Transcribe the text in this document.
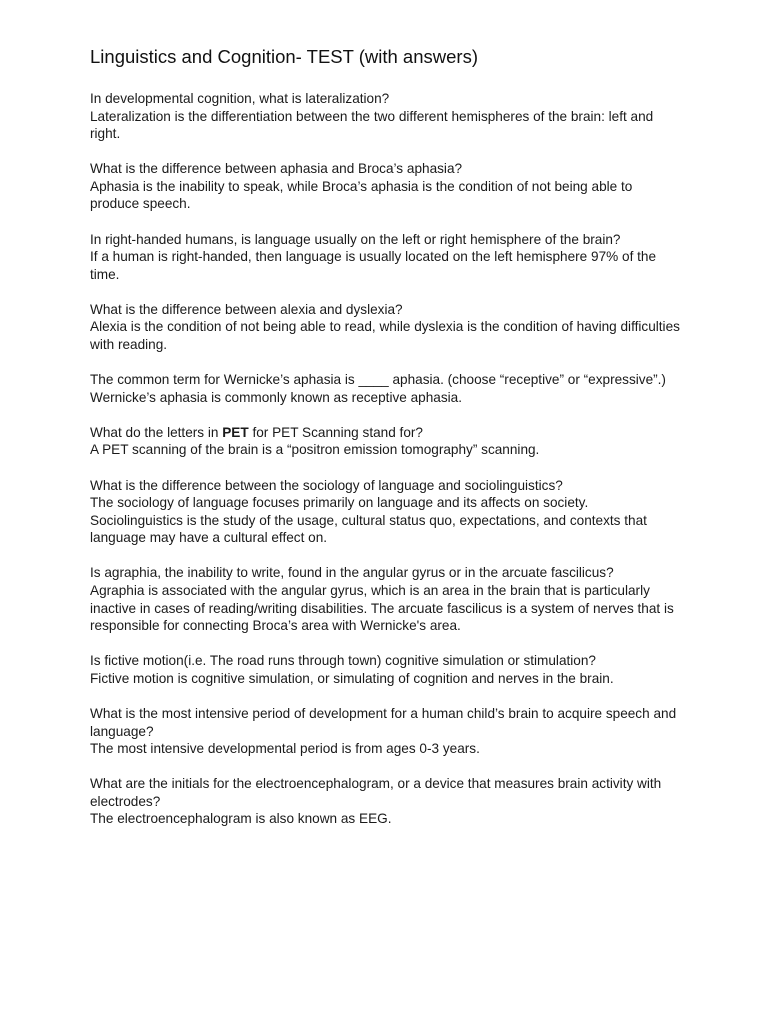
Linguistics and Cognition- TEST (with answers)

In developmental cognition, what is lateralization?

Lateralization is the differentiation between the two different hemispheres of the brain: left and right.

What is the difference between aphasia and Broca’s aphasia?

Aphasia is the inability to speak, while Broca’s aphasia is the condition of not being able to produce speech.

In right-handed humans, is language usually on the left or right hemisphere of the brain?

If a human is right-handed, then language is usually located on the left hemisphere 97% of the time.

What is the difference between alexia and dyslexia?

Alexia is the condition of not being able to read, while dyslexia is the condition of having difficulties with reading.

The common term for Wernicke’s aphasia is ____ aphasia. (choose “receptive” or “expressive”.)

Wernicke’s aphasia is commonly known as receptive aphasia.

What do the letters in PET for PET Scanning stand for?

A PET scanning of the brain is a “positron emission tomography” scanning.

What is the difference between the sociology of language and sociolinguistics?

The sociology of language focuses primarily on language and its affects on society. Sociolinguistics is the study of the usage, cultural status quo, expectations, and contexts that language may have a cultural effect on.

Is agraphia, the inability to write, found in the angular gyrus or in the arcuate fascilicus?

Agraphia is associated with the angular gyrus, which is an area in the brain that is particularly inactive in cases of reading/writing disabilities. The arcuate fascilicus is a system of nerves that is responsible for connecting Broca’s area with Wernicke's area.

Is fictive motion(i.e. The road runs through town) cognitive simulation or stimulation?

Fictive motion is cognitive simulation, or simulating of cognition and nerves in the brain.

What is the most intensive period of development for a human child’s brain to acquire speech and language?

The most intensive developmental period is from ages 0-3 years.

What are the initials for the electroencephalogram, or a device that measures brain activity with electrodes?

The electroencephalogram is also known as EEG.
